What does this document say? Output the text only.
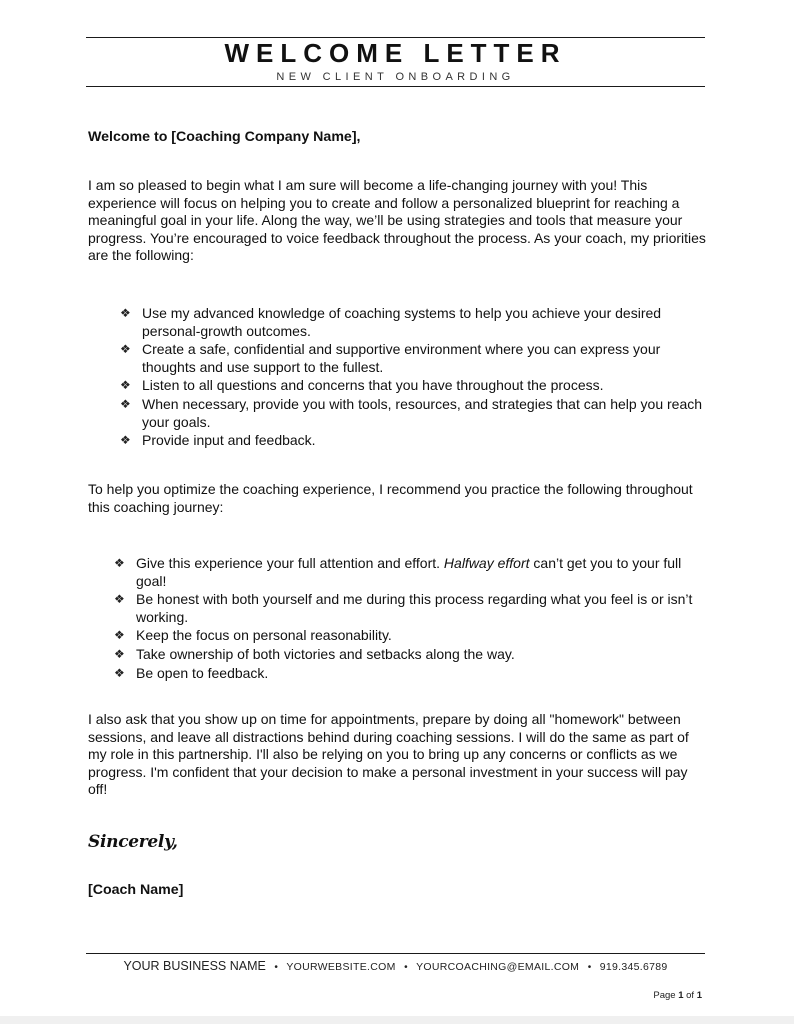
WELCOME LETTER
NEW CLIENT ONBOARDING
Welcome to [Coaching Company Name],
I am so pleased to begin what I am sure will become a life-changing journey with you! This experience will focus on helping you to create and follow a personalized blueprint for reaching a meaningful goal in your life. Along the way, we’ll be using strategies and tools that measure your progress. You’re encouraged to voice feedback throughout the process. As your coach, my priorities are the following:
❖ Use my advanced knowledge of coaching systems to help you achieve your desired personal-growth outcomes.
❖ Create a safe, confidential and supportive environment where you can express your thoughts and use support to the fullest.
❖ Listen to all questions and concerns that you have throughout the process.
❖ When necessary, provide you with tools, resources, and strategies that can help you reach your goals.
❖ Provide input and feedback.
To help you optimize the coaching experience, I recommend you practice the following throughout this coaching journey:
❖ Give this experience your full attention and effort. Halfway effort can’t get you to your full goal!
❖ Be honest with both yourself and me during this process regarding what you feel is or isn’t working.
❖ Keep the focus on personal reasonability.
❖ Take ownership of both victories and setbacks along the way.
❖ Be open to feedback.
I also ask that you show up on time for appointments, prepare by doing all "homework" between sessions, and leave all distractions behind during coaching sessions. I will do the same as part of my role in this partnership. I'll also be relying on you to bring up any concerns or conflicts as we progress. I'm confident that your decision to make a personal investment in your success will pay off!
Sincerely,
[Coach Name]
YOUR BUSINESS NAME • YOURWEBSITE.COM • YOURCOACHING@EMAIL.COM • 919.345.6789
Page 1 of 1
